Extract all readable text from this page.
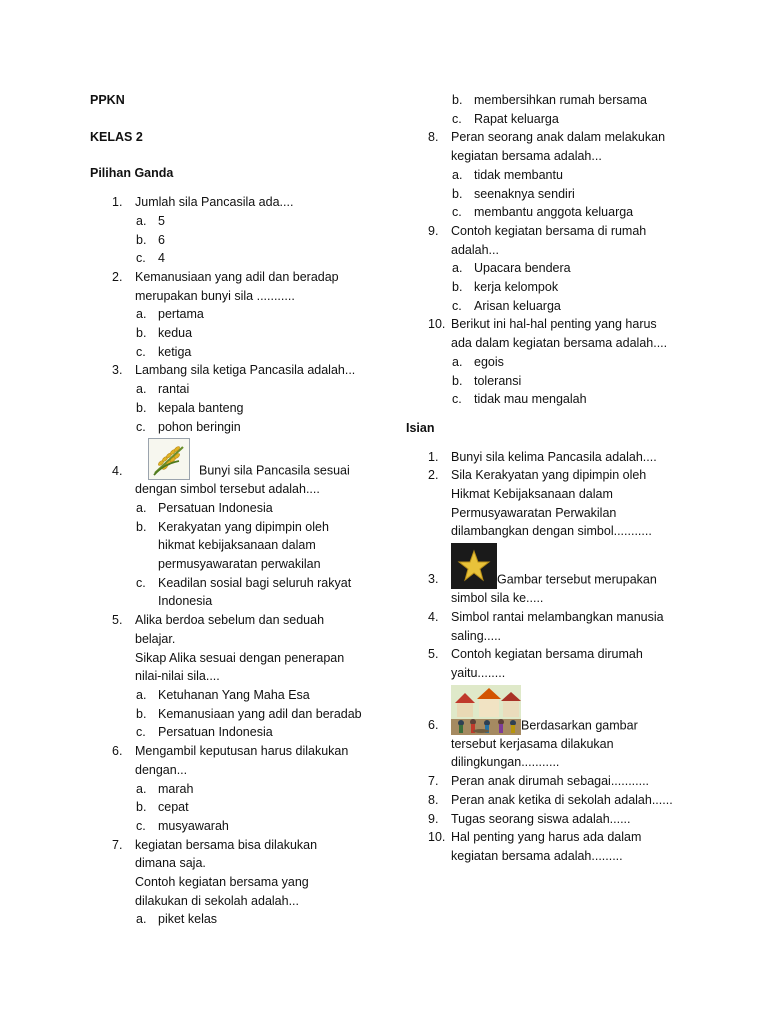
PPKN

KELAS 2

Pilihan Ganda

1. Jumlah sila Pancasila ada....
a. 5
b. 6
c. 4
2. Kemanusiaan yang adil dan beradap
merupakan bunyi sila ...........
a. pertama
b. kedua
c. ketiga
3. Lambang sila ketiga Pancasila adalah...
a. rantai
b. kepala banteng
c. pohon beringin
4.	Bunyi sila Pancasila sesuai
dengan simbol tersebut adalah....
a. Persatuan Indonesia
b. Kerakyatan yang dipimpin oleh
hikmat kebijaksanaan dalam
permusyawaratan perwakilan
c. Keadilan sosial bagi seluruh rakyat
Indonesia
5. Alika berdoa sebelum dan seduah
belajar.
Sikap Alika sesuai dengan penerapan
nilai-nilai sila....
a. Ketuhanan Yang Maha Esa
b. Kemanusiaan yang adil dan beradab
c. Persatuan Indonesia
6. Mengambil keputusan harus dilakukan
dengan...
a. marah
b. cepat
c. musyawarah
7. kegiatan bersama bisa dilakukan
dimana saja.
Contoh kegiatan bersama yang
dilakukan di sekolah adalah...
a. piket kelas
b. membersihkan rumah bersama
c. Rapat keluarga
8. Peran seorang anak dalam melakukan
kegiatan bersama adalah...
a. tidak membantu
b. seenaknya sendiri
c. membantu anggota keluarga
9. Contoh kegiatan bersama di rumah
adalah...
a. Upacara bendera
b. kerja kelompok
c. Arisan keluarga
10. Berikut ini hal-hal penting yang harus
ada dalam kegiatan bersama adalah....
a. egois
b. toleransi
c. tidak mau mengalah

Isian

1. Bunyi sila kelima Pancasila adalah....
2. Sila Kerakyatan yang dipimpin oleh
Hikmat Kebijaksanaan dalam
Permusyawaratan Perwakilan
dilambangkan dengan simbol...........
3.	Gambar tersebut merupakan
simbol sila ke.....
4. Simbol rantai melambangkan manusia
saling.....
5. Contoh kegiatan bersama dirumah
yaitu........
6.	Berdasarkan gambar
tersebut kerjasama dilakukan
dilingkungan...........
7. Peran anak dirumah sebagai...........
8. Peran anak ketika di sekolah adalah......
9. Tugas seorang siswa adalah......
10. Hal penting yang harus ada dalam
kegiatan bersama adalah.........
